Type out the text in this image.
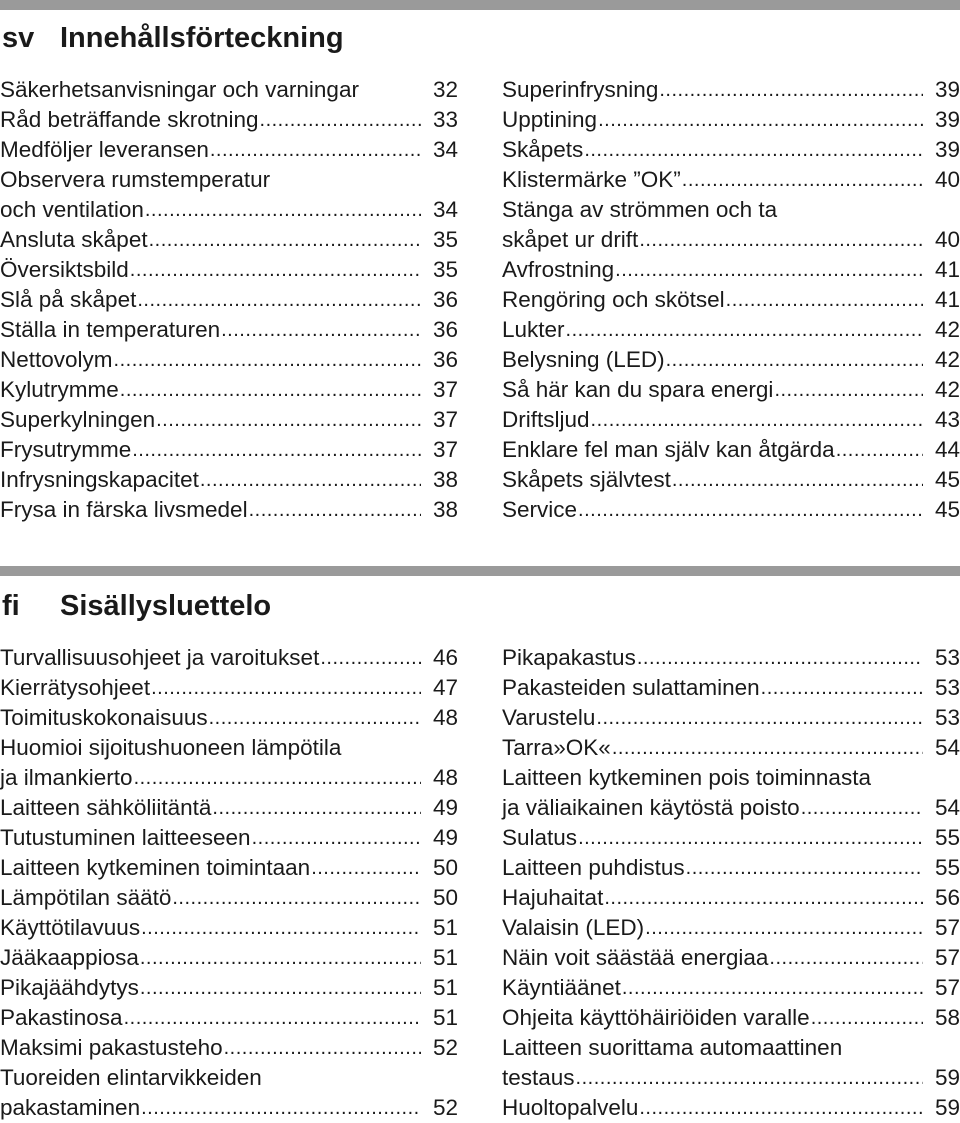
sv Innehållsförteckning
Säkerhetsanvisningar och varningar	32
Råd beträffande skrotning .....	33
Medföljer leveransen .....	34
Observera rumstemperatur
och ventilation .....	34
Ansluta skåpet .....	35
Översiktsbild .....	35
Slå på skåpet .....	36
Ställa in temperaturen .....	36
Nettovolym .....	36
Kylutrymme .....	37
Superkylningen .....	37
Frysutrymme .....	37
Infrysningskapacitet .....	38
Frysa in färska livsmedel .....	38
Superinfrysning .....	39
Upptining .....	39
Skåpets .....	39
Klistermärke ”OK” .....	40
Stänga av strömmen och ta
skåpet ur drift .....	40
Avfrostning .....	41
Rengöring och skötsel .....	41
Lukter .....	42
Belysning (LED) .....	42
Så här kan du spara energi .....	42
Driftsljud .....	43
Enklare fel man själv kan åtgärda .....	44
Skåpets självtest .....	45
Service .....	45
fi Sisällysluettelo
Turvallisuusohjeet ja varoitukset .....	46
Kierrätysohjeet .....	47
Toimituskokonaisuus .....	48
Huomioi sijoitushuoneen lämpötila
ja ilmankierto .....	48
Laitteen sähköliitäntä .....	49
Tutustuminen laitteeseen .....	49
Laitteen kytkeminen toimintaan .....	50
Lämpötilan säätö .....	50
Käyttötilavuus .....	51
Jääkaappiosa .....	51
Pikajäähdytys .....	51
Pakastinosa .....	51
Maksimi pakastusteho .....	52
Tuoreiden elintarvikkeiden
pakastaminen .....	52
Pikapakastus .....	53
Pakasteiden sulattaminen .....	53
Varustelu .....	53
Tarra»OK« .....	54
Laitteen kytkeminen pois toiminnasta
ja väliaikainen käytöstä poisto .....	54
Sulatus .....	55
Laitteen puhdistus .....	55
Hajuhaitat .....	56
Valaisin (LED) .....	57
Näin voit säästää energiaa .....	57
Käyntiäänet .....	57
Ohjeita käyttöhäiriöiden varalle .....	58
Laitteen suorittama automaattinen
testaus .....	59
Huoltopalvelu .....	59
